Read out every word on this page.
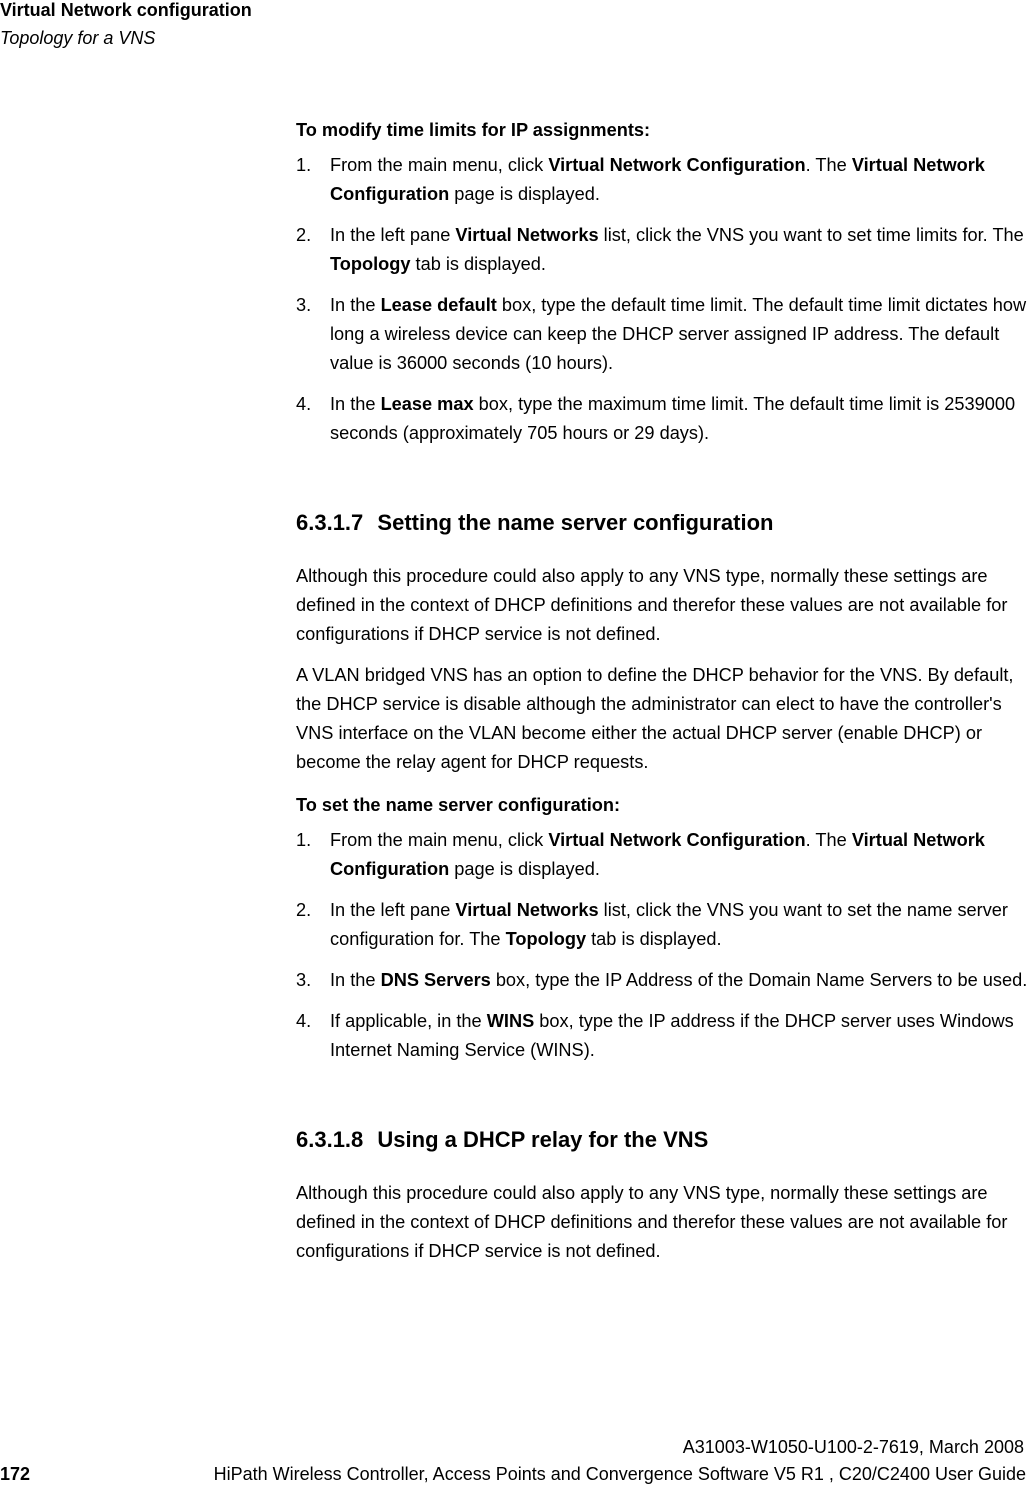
Virtual Network configuration
Topology for a VNS
To modify time limits for IP assignments:
1. From the main menu, click Virtual Network Configuration. The Virtual Network Configuration page is displayed.
2. In the left pane Virtual Networks list, click the VNS you want to set time limits for. The Topology tab is displayed.
3. In the Lease default box, type the default time limit. The default time limit dictates how long a wireless device can keep the DHCP server assigned IP address. The default value is 36000 seconds (10 hours).
4. In the Lease max box, type the maximum time limit. The default time limit is 2539000 seconds (approximately 705 hours or 29 days).
6.3.1.7 Setting the name server configuration

Although this procedure could also apply to any VNS type, normally these settings are defined in the context of DHCP definitions and therefor these values are not available for configurations if DHCP service is not defined.

A VLAN bridged VNS has an option to define the DHCP behavior for the VNS. By default, the DHCP service is disable although the administrator can elect to have the controller's VNS interface on the VLAN become either the actual DHCP server (enable DHCP) or become the relay agent for DHCP requests.

To set the name server configuration:
1. From the main menu, click Virtual Network Configuration. The Virtual Network Configuration page is displayed.
2. In the left pane Virtual Networks list, click the VNS you want to set the name server configuration for. The Topology tab is displayed.
3. In the DNS Servers box, type the IP Address of the Domain Name Servers to be used.
4. If applicable, in the WINS box, type the IP address if the DHCP server uses Windows Internet Naming Service (WINS).
6.3.1.8 Using a DHCP relay for the VNS

Although this procedure could also apply to any VNS type, normally these settings are defined in the context of DHCP definitions and therefor these values are not available for configurations if DHCP service is not defined.

A31003-W1050-U100-2-7619, March 2008
172	HiPath Wireless Controller, Access Points and Convergence Software V5 R1 , C20/C2400 User Guide
